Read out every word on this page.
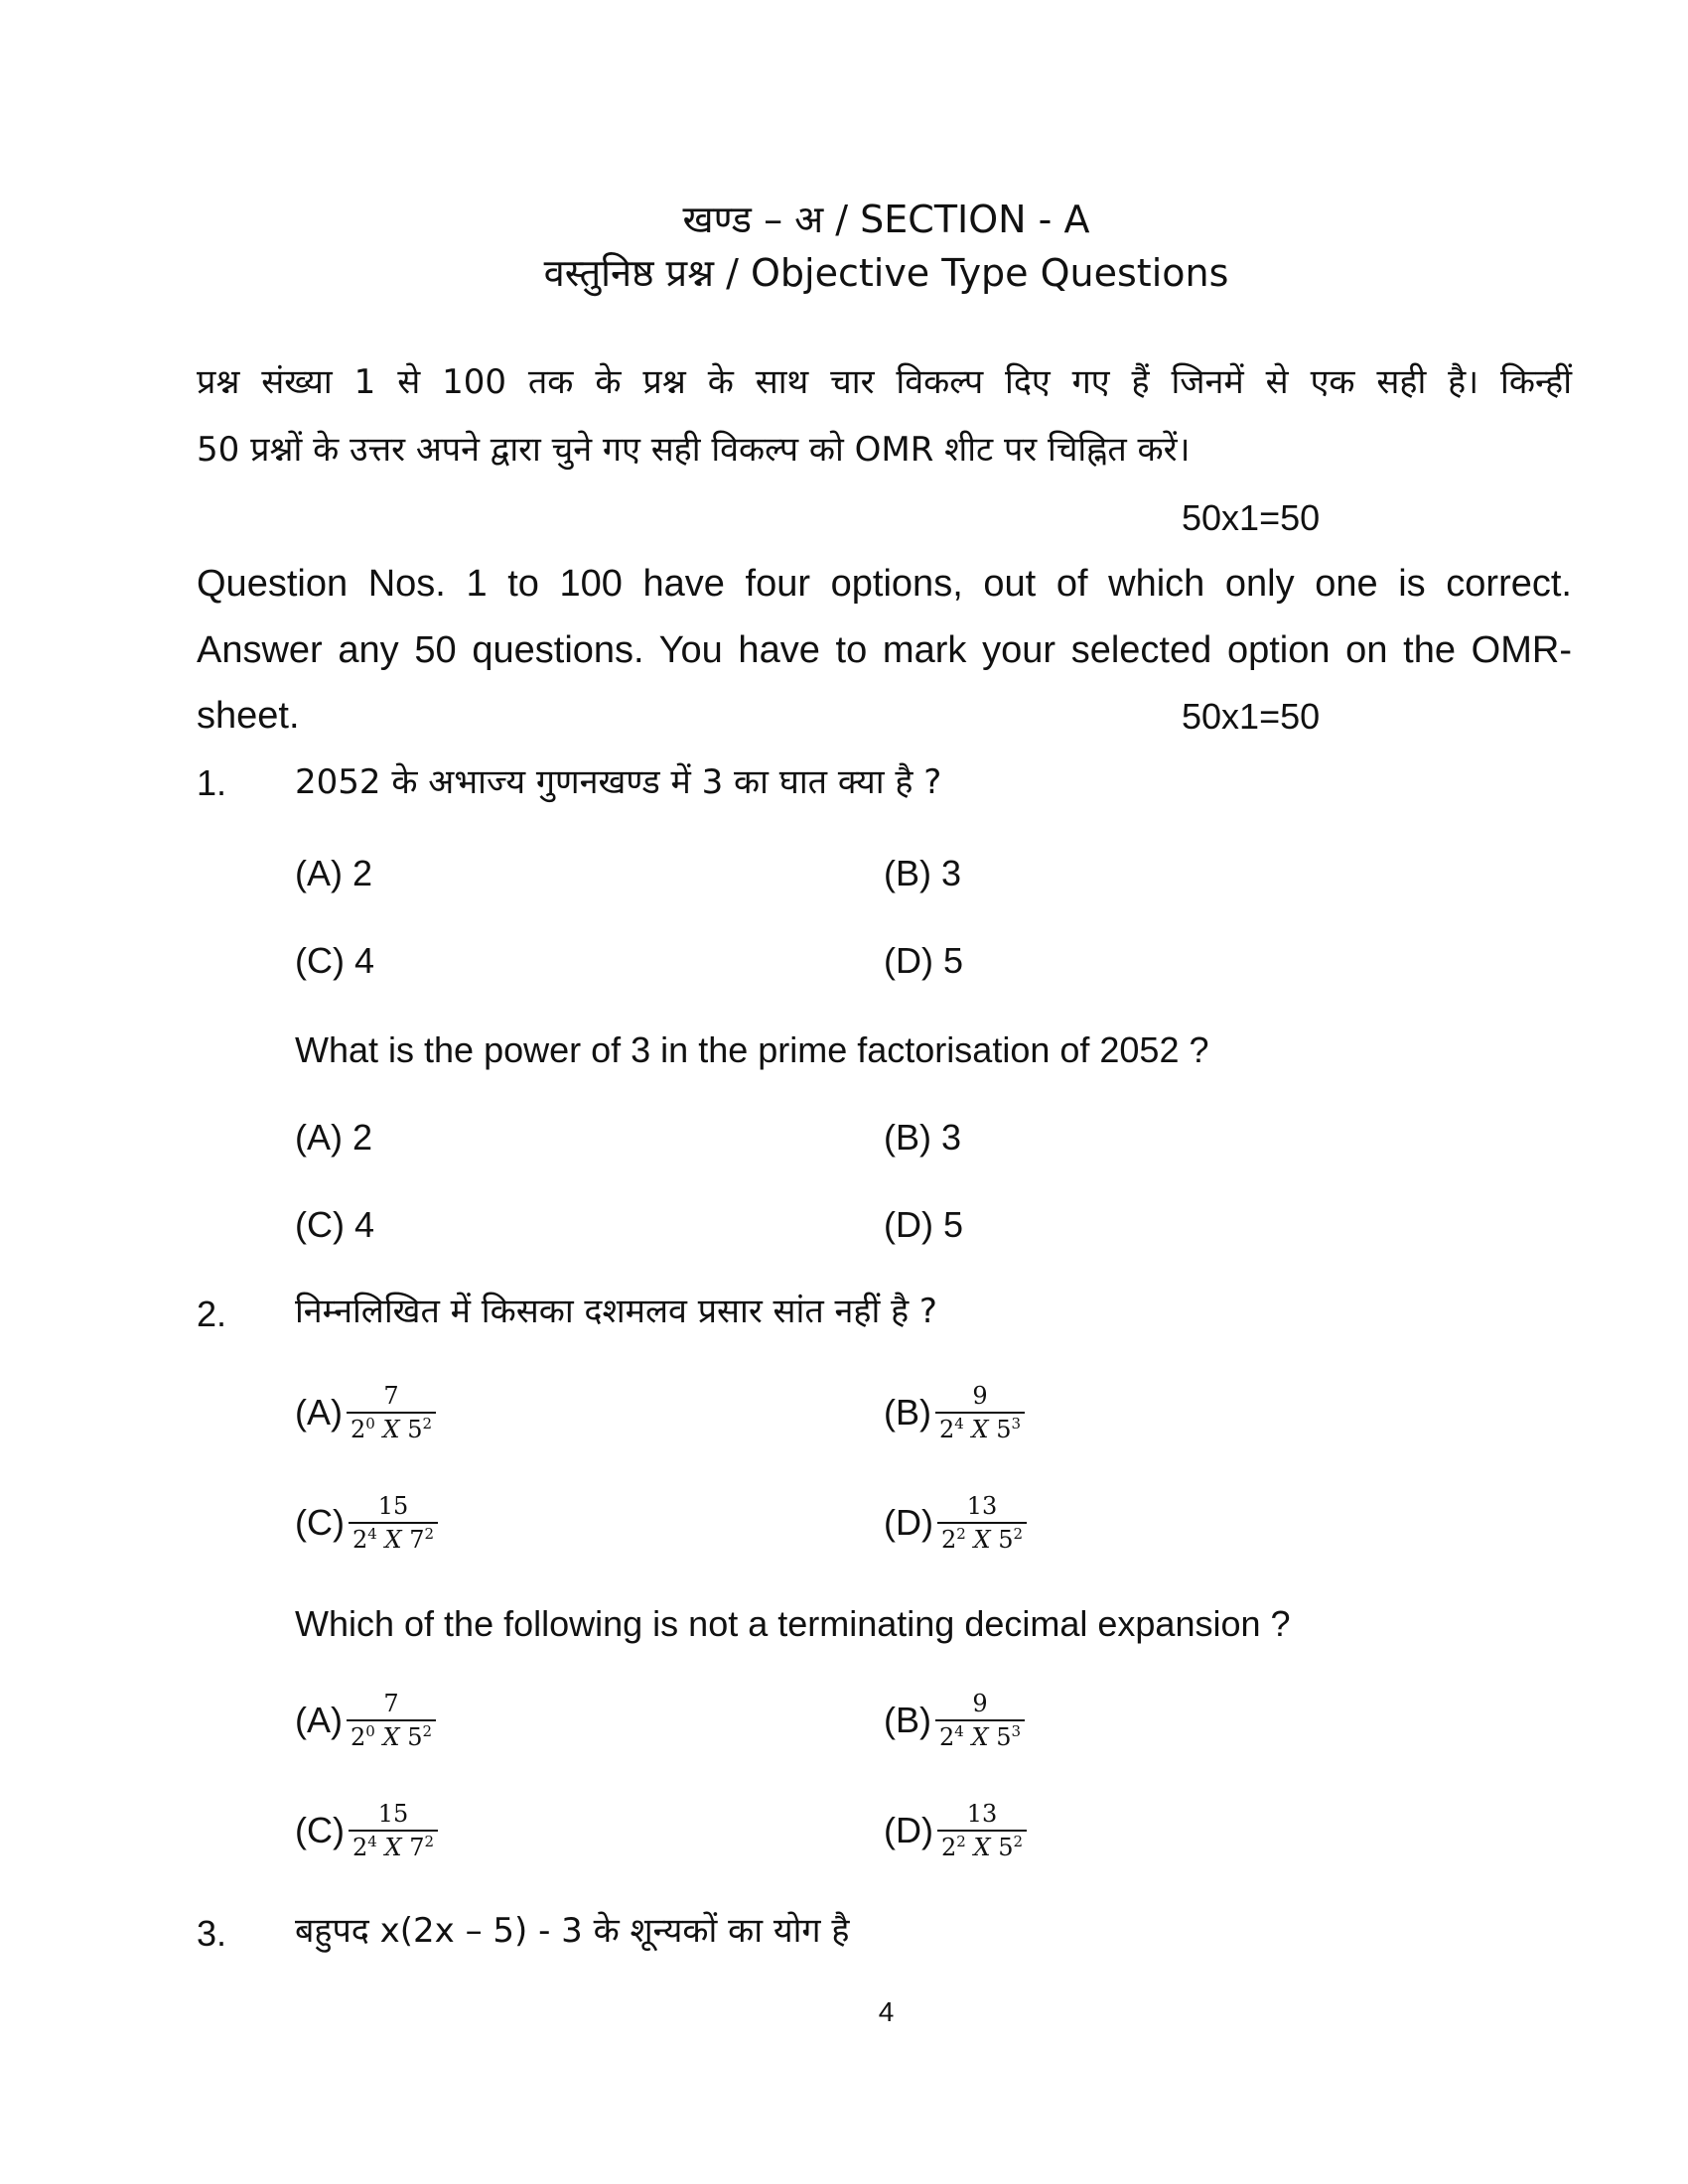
खण्ड – अ / SECTION - A
वस्तुनिष्ठ प्रश्न / Objective Type Questions
प्रश्न संख्या 1 से 100 तक के प्रश्न के साथ चार विकल्प दिए गए हैं जिनमें से एक सही है। किन्हीं
50 प्रश्नों के उत्तर अपने द्वारा चुने गए सही विकल्प को OMR शीट पर चिह्नित करें।
50x1=50
Question Nos. 1 to 100 have four options, out of which only one is correct.
Answer any 50 questions. You have to mark your selected option on the OMR-
sheet.	50x1=50
1. 2052 के अभाज्य गुणनखण्ड में 3 का घात क्या है ?
(A) 2	(B) 3
(C) 4	(D) 5
What is the power of 3 in the prime factorisation of 2052 ?
(A) 2	(B) 3
(C) 4	(D) 5
2. निम्नलिखित में किसका दशमलव प्रसार सांत नहीं है ?
$(A) \frac{7}{2^0 X 5^2}$	$(B) \frac{9}{2^4 X 5^3}$
$(C) \frac{15}{2^4 X 7^2}$	$(D) \frac{13}{2^2 X 5^2}$
Which of the following is not a terminating decimal expansion ?
$(A) \frac{7}{2^0 X 5^2}$	$(B) \frac{9}{2^4 X 5^3}$
$(C) \frac{15}{2^4 X 7^2}$	$(D) \frac{13}{2^2 X 5^2}$
3. बहुपद x(2x – 5) - 3 के शून्यकों का योग है
4
